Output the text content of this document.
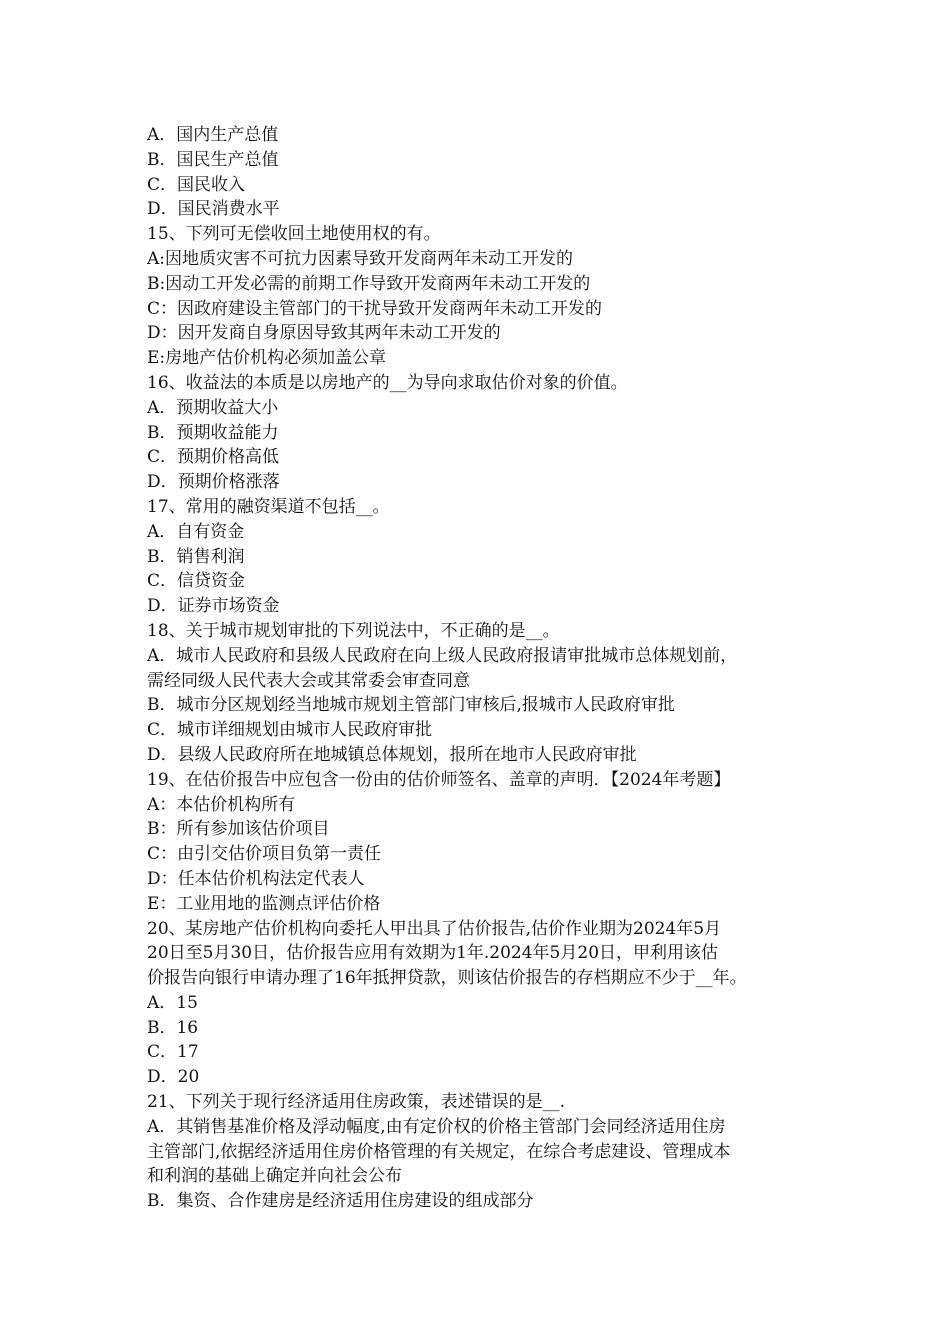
A．国内生产总值
B．国民生产总值
C．国民收入
D．国民消费水平
15、下列可无偿收回土地使用权的有。
A:因地质灾害不可抗力因素导致开发商两年未动工开发的
B:因动工开发必需的前期工作导致开发商两年未动工开发的
C：因政府建设主管部门的干扰导致开发商两年未动工开发的
D：因开发商自身原因导致其两年未动工开发的
E:房地产估价机构必须加盖公章
16、收益法的本质是以房地产的__为导向求取估价对象的价值。
A．预期收益大小
B．预期收益能力
C．预期价格高低
D．预期价格涨落
17、常用的融资渠道不包括__。
A．自有资金
B．销售利润
C．信贷资金
D．证券市场资金
18、关于城市规划审批的下列说法中，不正确的是__。
A．城市人民政府和县级人民政府在向上级人民政府报请审批城市总体规划前，
需经同级人民代表大会或其常委会审查同意
B．城市分区规划经当地城市规划主管部门审核后,报城市人民政府审批
C．城市详细规划由城市人民政府审批
D．县级人民政府所在地城镇总体规划，报所在地市人民政府审批
19、在估价报告中应包含一份由的估价师签名、盖章的声明．【2024年考题】
A：本估价机构所有
B：所有参加该估价项目
C：由引交估价项目负第一责任
D：任本估价机构法定代表人
E：工业用地的监测点评估价格
20、某房地产估价机构向委托人甲出具了估价报告,估价作业期为2024年5月
20日至5月30日，估价报告应用有效期为1年.2024年5月20日，甲利用该估
价报告向银行申请办理了16年抵押贷款，则该估价报告的存档期应不少于__年。
A．15
B．16
C．17
D．20
21、下列关于现行经济适用住房政策，表述错误的是__.
A．其销售基准价格及浮动幅度,由有定价权的价格主管部门会同经济适用住房
主管部门,依据经济适用住房价格管理的有关规定，在综合考虑建设、管理成本
和利润的基础上确定并向社会公布
B．集资、合作建房是经济适用住房建设的组成部分
